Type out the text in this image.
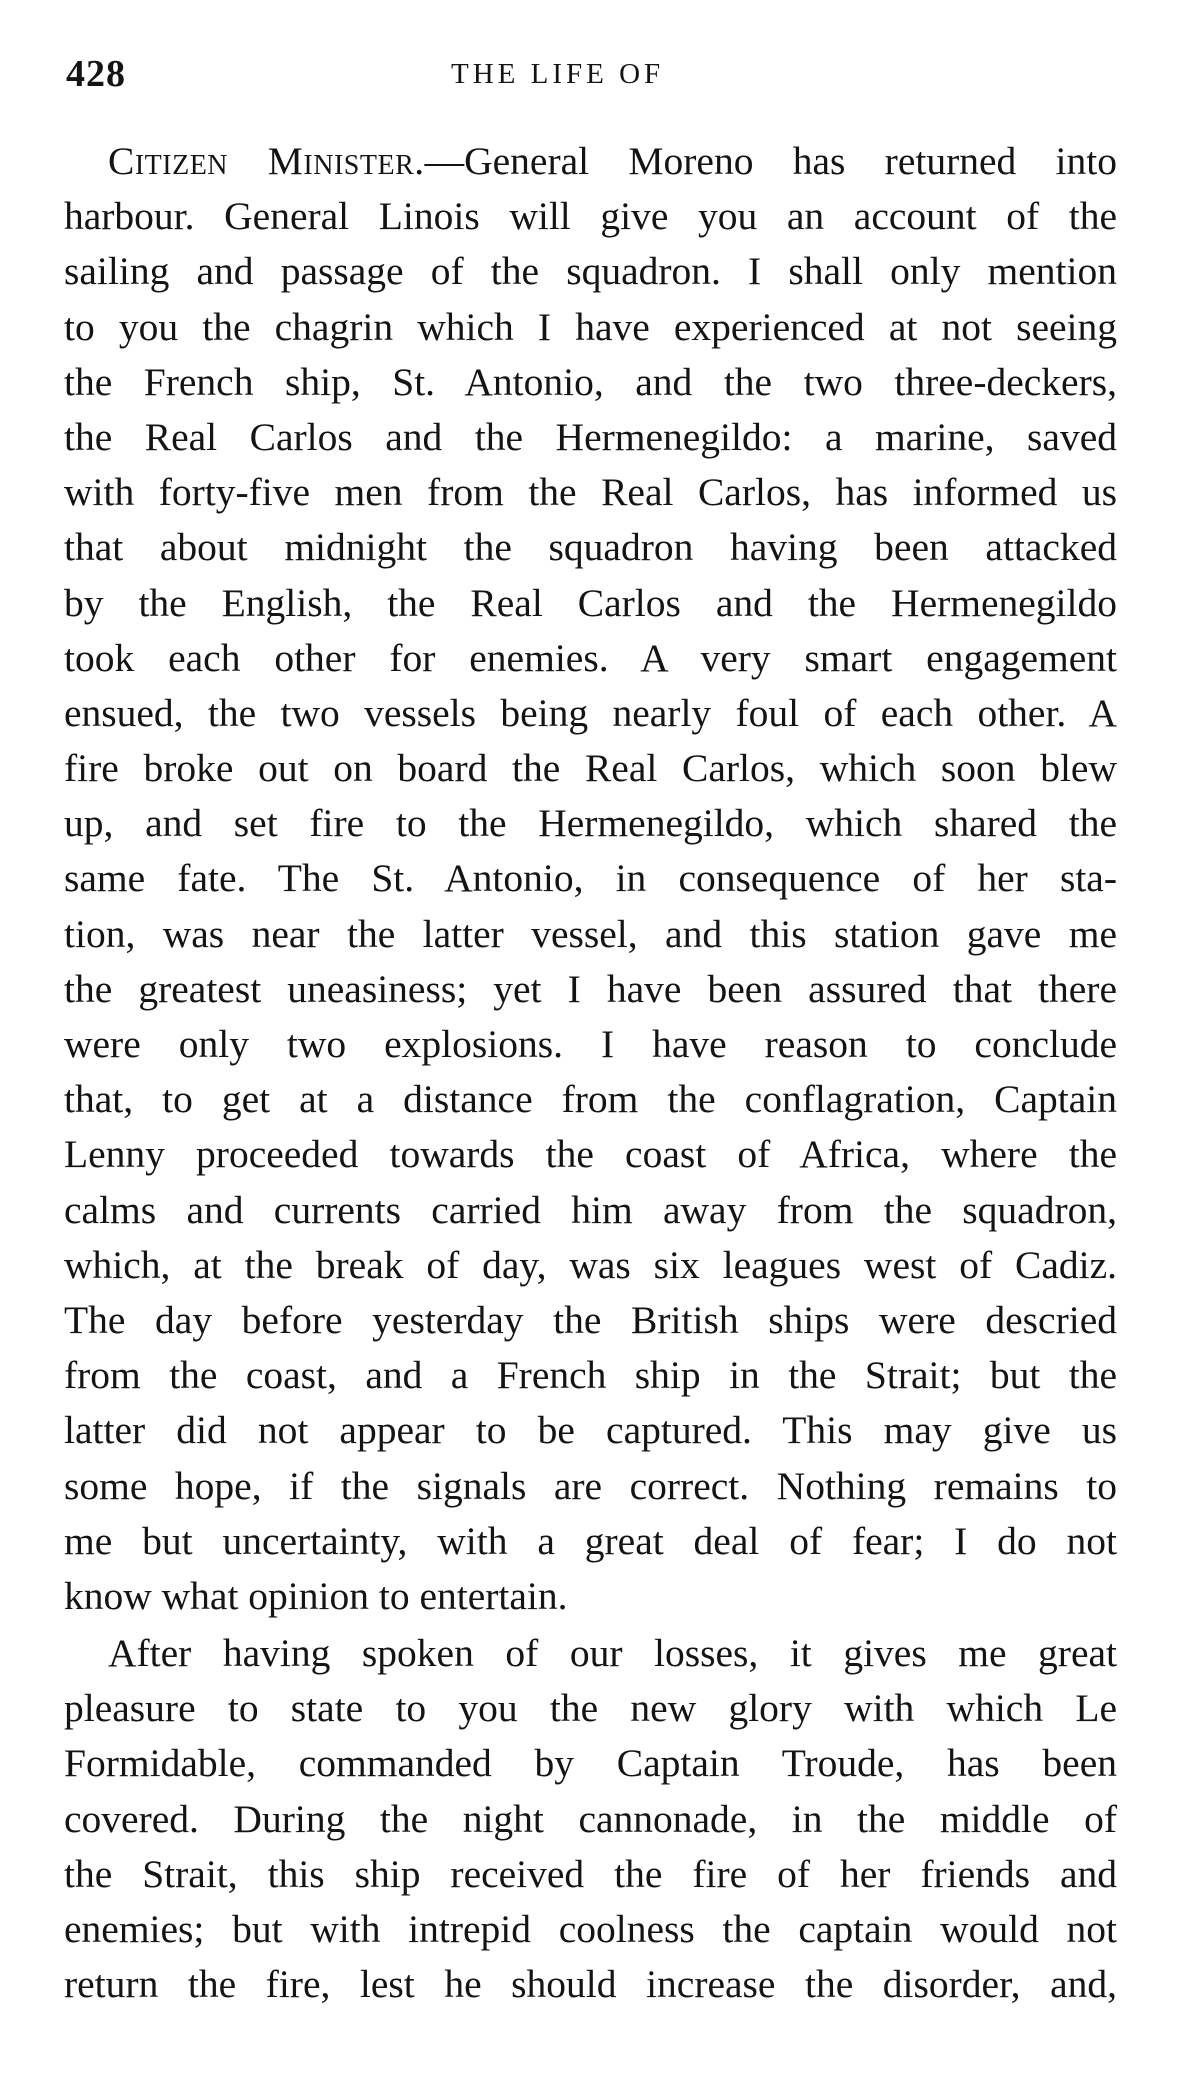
428	THE LIFE OF
Citizen Minister.—General Moreno has returned into
harbour. General Linois will give you an account of the
sailing and passage of the squadron. I shall only mention
to you the chagrin which I have experienced at not seeing
the French ship, St. Antonio, and the two three-deckers,
the Real Carlos and the Hermenegildo: a marine, saved
with forty-five men from the Real Carlos, has informed us
that about midnight the squadron having been attacked
by the English, the Real Carlos and the Hermenegildo
took each other for enemies. A very smart engagement
ensued, the two vessels being nearly foul of each other. A
fire broke out on board the Real Carlos, which soon blew
up, and set fire to the Hermenegildo, which shared the
same fate. The St. Antonio, in consequence of her sta-
tion, was near the latter vessel, and this station gave me
the greatest uneasiness; yet I have been assured that there
were only two explosions. I have reason to conclude
that, to get at a distance from the conflagration, Captain
Lenny proceeded towards the coast of Africa, where the
calms and currents carried him away from the squadron,
which, at the break of day, was six leagues west of Cadiz.
The day before yesterday the British ships were descried
from the coast, and a French ship in the Strait; but the
latter did not appear to be captured. This may give us
some hope, if the signals are correct. Nothing remains to
me but uncertainty, with a great deal of fear; I do not
know what opinion to entertain.
After having spoken of our losses, it gives me great
pleasure to state to you the new glory with which Le
Formidable, commanded by Captain Troude, has been
covered. During the night cannonade, in the middle of
the Strait, this ship received the fire of her friends and
enemies; but with intrepid coolness the captain would not
return the fire, lest he should increase the disorder, and,
